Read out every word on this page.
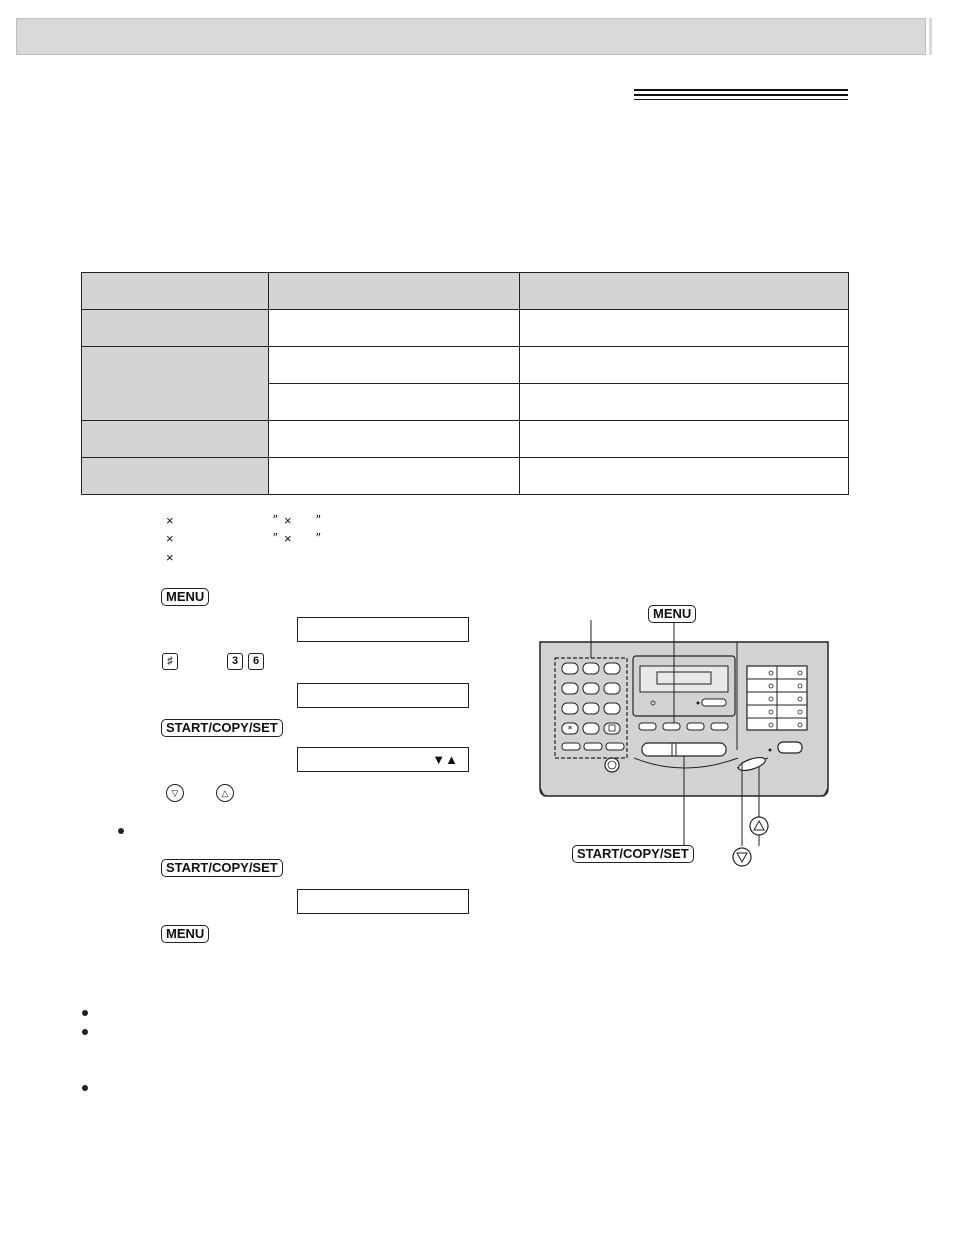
×	″ × ″
×	″ × ″
×
MENU
♯	3	6
START/COPY/SET
▼▲
▽	△
START/COPY/SET
MENU
*
MENU
START/COPY/SET
